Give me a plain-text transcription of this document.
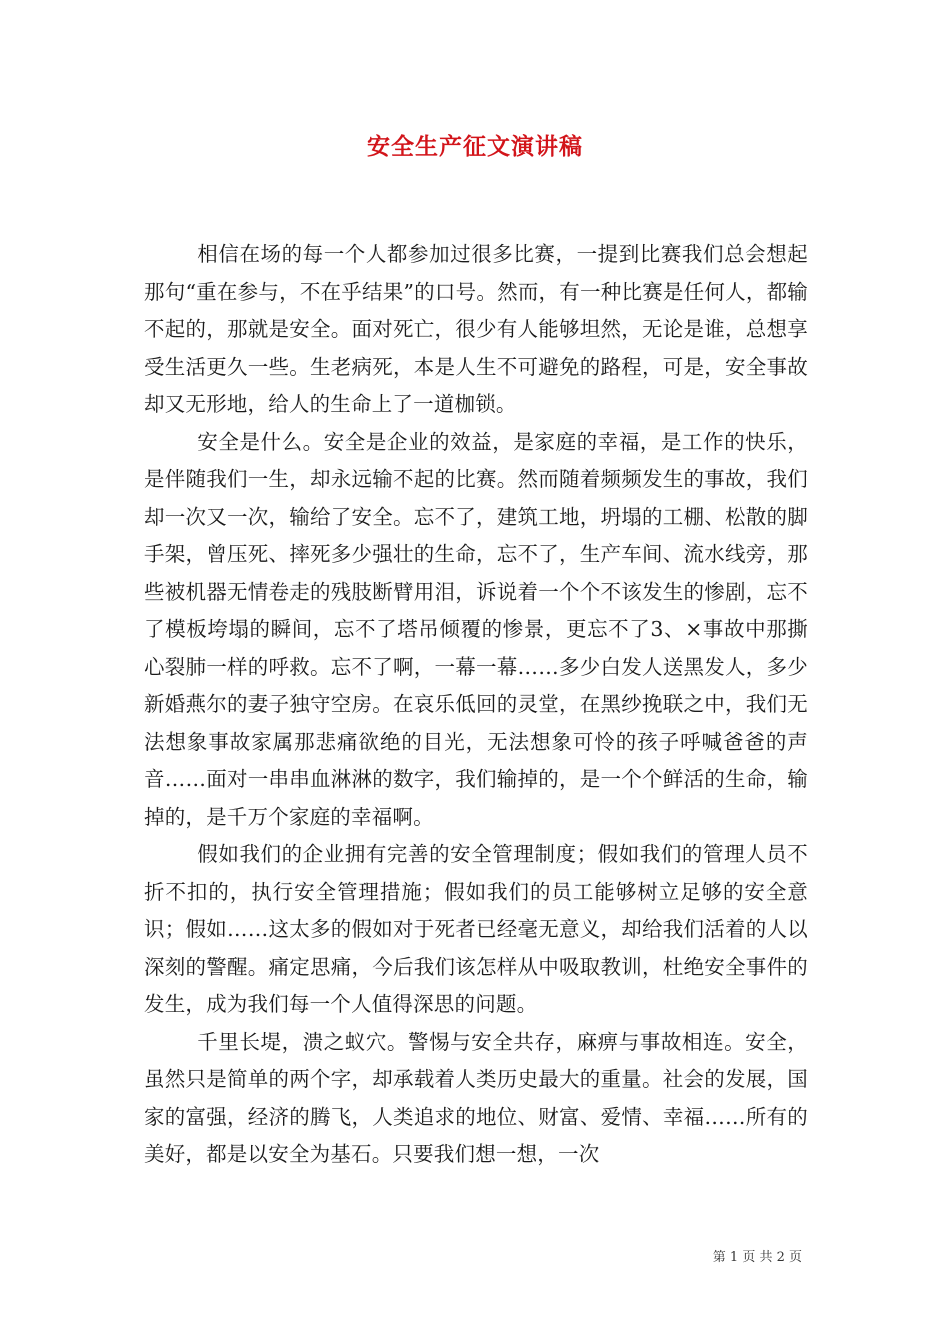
安全生产征文演讲稿

相信在场的每一个人都参加过很多比赛，一提到比赛我们总会想起那句“重在参与，不在乎结果”的口号。然而，有一种比赛是任何人，都输不起的，那就是安全。面对死亡，很少有人能够坦然，无论是谁，总想享受生活更久一些。生老病死，本是人生不可避免的路程，可是，安全事故却又无形地，给人的生命上了一道枷锁。

安全是什么。安全是企业的效益，是家庭的幸福，是工作的快乐，是伴随我们一生，却永远输不起的比赛。然而随着频频发生的事故，我们却一次又一次，输给了安全。忘不了，建筑工地，坍塌的工棚、松散的脚手架，曾压死、摔死多少强壮的生命，忘不了，生产车间、流水线旁，那些被机器无情卷走的残肢断臂用泪，诉说着一个个不该发生的惨剧，忘不了模板垮塌的瞬间，忘不了塔吊倾覆的惨景，更忘不了3、×事故中那撕心裂肺一样的呼救。忘不了啊，一幕一幕……多少白发人送黑发人，多少新婚燕尔的妻子独守空房。在哀乐低回的灵堂，在黑纱挽联之中，我们无法想象事故家属那悲痛欲绝的目光，无法想象可怜的孩子呼喊爸爸的声音……面对一串串血淋淋的数字，我们输掉的，是一个个鲜活的生命，输掉的，是千万个家庭的幸福啊。

假如我们的企业拥有完善的安全管理制度；假如我们的管理人员不折不扣的，执行安全管理措施；假如我们的员工能够树立足够的安全意识；假如……这太多的假如对于死者已经毫无意义，却给我们活着的人以深刻的警醒。痛定思痛，今后我们该怎样从中吸取教训，杜绝安全事件的发生，成为我们每一个人值得深思的问题。

千里长堤，溃之蚁穴。警惕与安全共存，麻痹与事故相连。安全，虽然只是简单的两个字，却承载着人类历史最大的重量。社会的发展，国家的富强，经济的腾飞，人类追求的地位、财富、爱情、幸福……所有的美好，都是以安全为基石。只要我们想一想，一次

第 1 页 共 2 页
